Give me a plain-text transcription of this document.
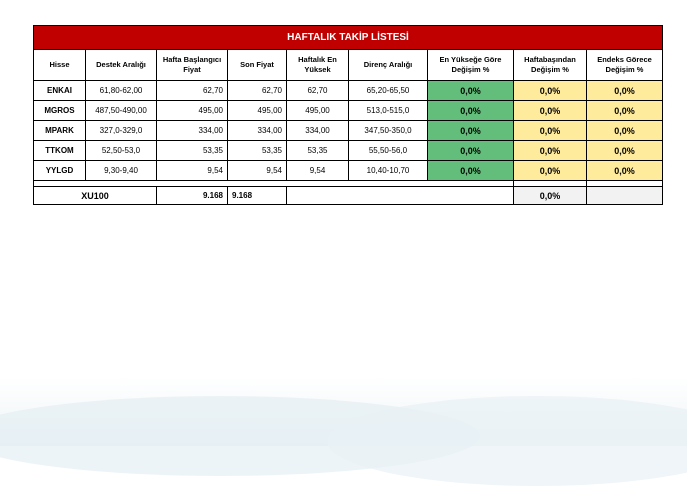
HAFTALIK TAKİP LİSTESİ								
Hisse	Destek Aralığı	Hafta Başlangıcı Fiyat	Son Fiyat	Haftalık En Yüksek	Direnç Aralığı	En Yükseğe Göre Değişim %	Haftabaşından Değişim %	Endeks Görece Değişim %
ENKAI	61,80-62,00	62,70	62,70	62,70	65,20-65,50	0,0%	0,0%	0,0%
MGROS	487,50-490,00	495,00	495,00	495,00	513,0-515,0	0,0%	0,0%	0,0%
MPARK	327,0-329,0	334,00	334,00	334,00	347,50-350,0	0,0%	0,0%	0,0%
TTKOM	52,50-53,0	53,35	53,35	53,35	55,50-56,0	0,0%	0,0%	0,0%
YYLGD	9,30-9,40	9,54	9,54	9,54	10,40-10,70	0,0%	0,0%	0,0%

XU100		9.168	9.168				0,0%	
